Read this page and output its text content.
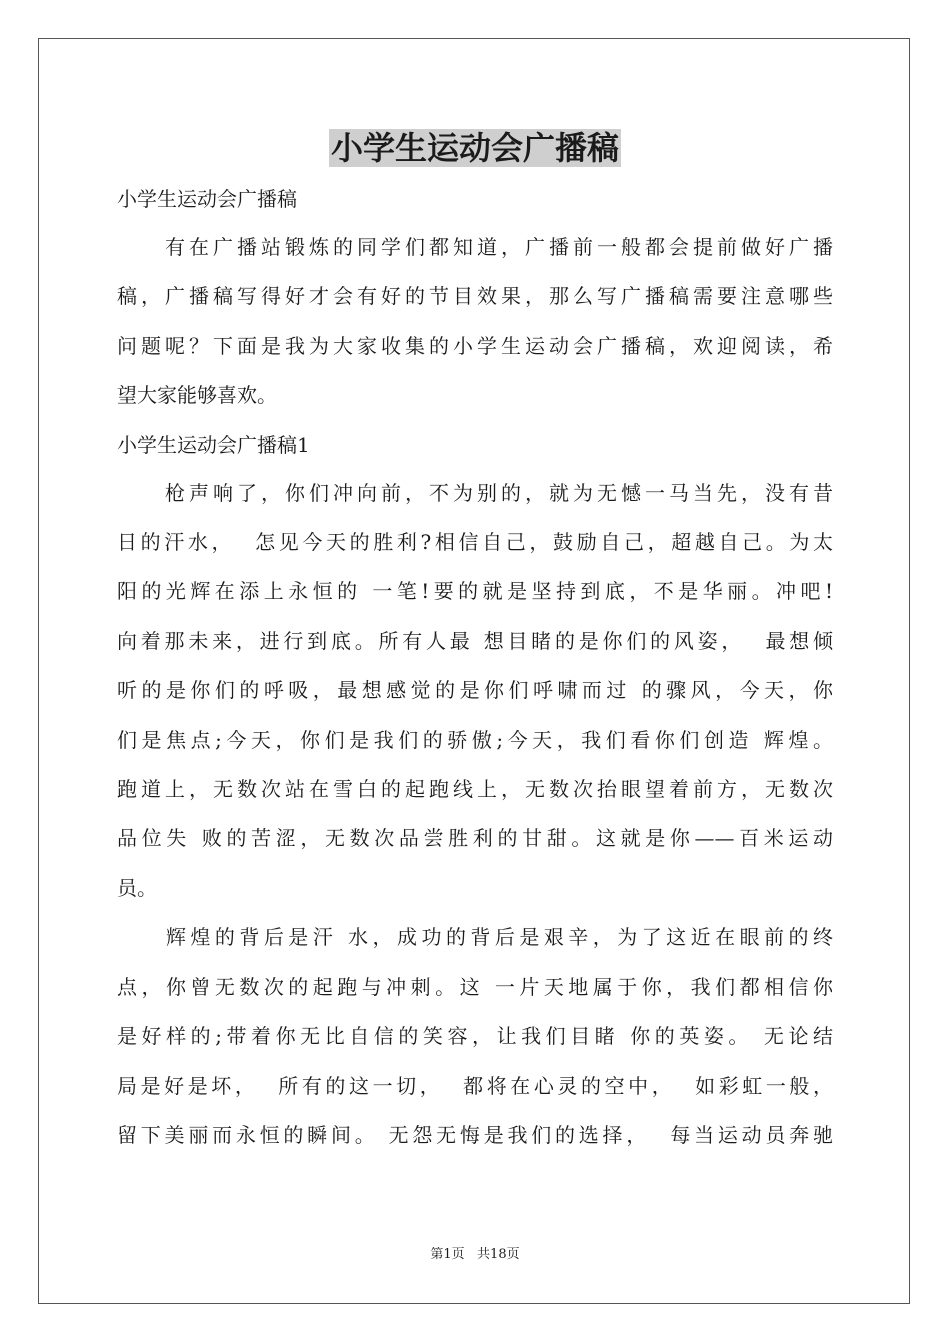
小学生运动会广播稿

小学生运动会广播稿

　　有在广播站锻炼的同学们都知道，广播前一般都会提前做好广播
稿，广播稿写得好才会有好的节目效果，那么写广播稿需要注意哪些
问题呢？下面是我为大家收集的小学生运动会广播稿，欢迎阅读，希
望大家能够喜欢。

小学生运动会广播稿1

　　枪声响了，你们冲向前，不为别的，就为无憾一马当先，没有昔
日的汗水，  怎见今天的胜利?相信自己，鼓励自己，超越自己。为太
阳的光辉在添上永恒的 一笔!要的就是坚持到底，不是华丽。冲吧!
向着那未来，进行到底。所有人最 想目睹的是你们的风姿，  最想倾
听的是你们的呼吸，最想感觉的是你们呼啸而过 的骤风，今天，你
们是焦点;今天，你们是我们的骄傲;今天，我们看你们创造 辉煌。
跑道上，无数次站在雪白的起跑线上，无数次抬眼望着前方，无数次
品位失 败的苦涩，无数次品尝胜利的甘甜。这就是你——百米运动
员。

　　辉煌的背后是汗 水，成功的背后是艰辛，为了这近在眼前的终
点，你曾无数次的起跑与冲刺。这 一片天地属于你，我们都相信你
是好样的;带着你无比自信的笑容，让我们目睹 你的英姿。 无论结
局是好是坏，  所有的这一切，  都将在心灵的空中，  如彩虹一般，
留下美丽而永恒的瞬间。 无怨无悔是我们的选择，  每当运动员奔驰

第1页   共18页
